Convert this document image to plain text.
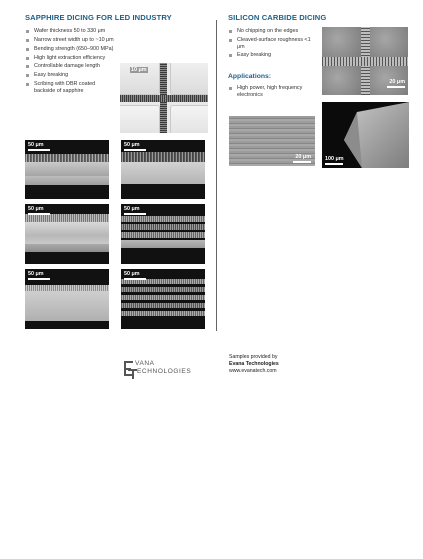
SAPPHIRE DICING FOR LED INDUSTRY
Wafer thickness 50 to 330 μm
Narrow street width up to ~10 μm
Bending strength (650–900 MPa)
High light extraction efficiency
Controllable damage length
Easy breaking
Scribing with DBR coated backside of sapphire
10 μm
50 μm	50 μm
50 μm	50 μm
50 μm	50 μm
SILICON CARBIDE DICING
No chipping on the edges
Cleaved-surface roughness <1 μm
Easy breaking
Applications:
High power, high frequency electronics
20 μm
20 μm	100 μm
VANA
ECHNOLOGIES
Samples provided by
Evana Technologies
www.evanatech.com
